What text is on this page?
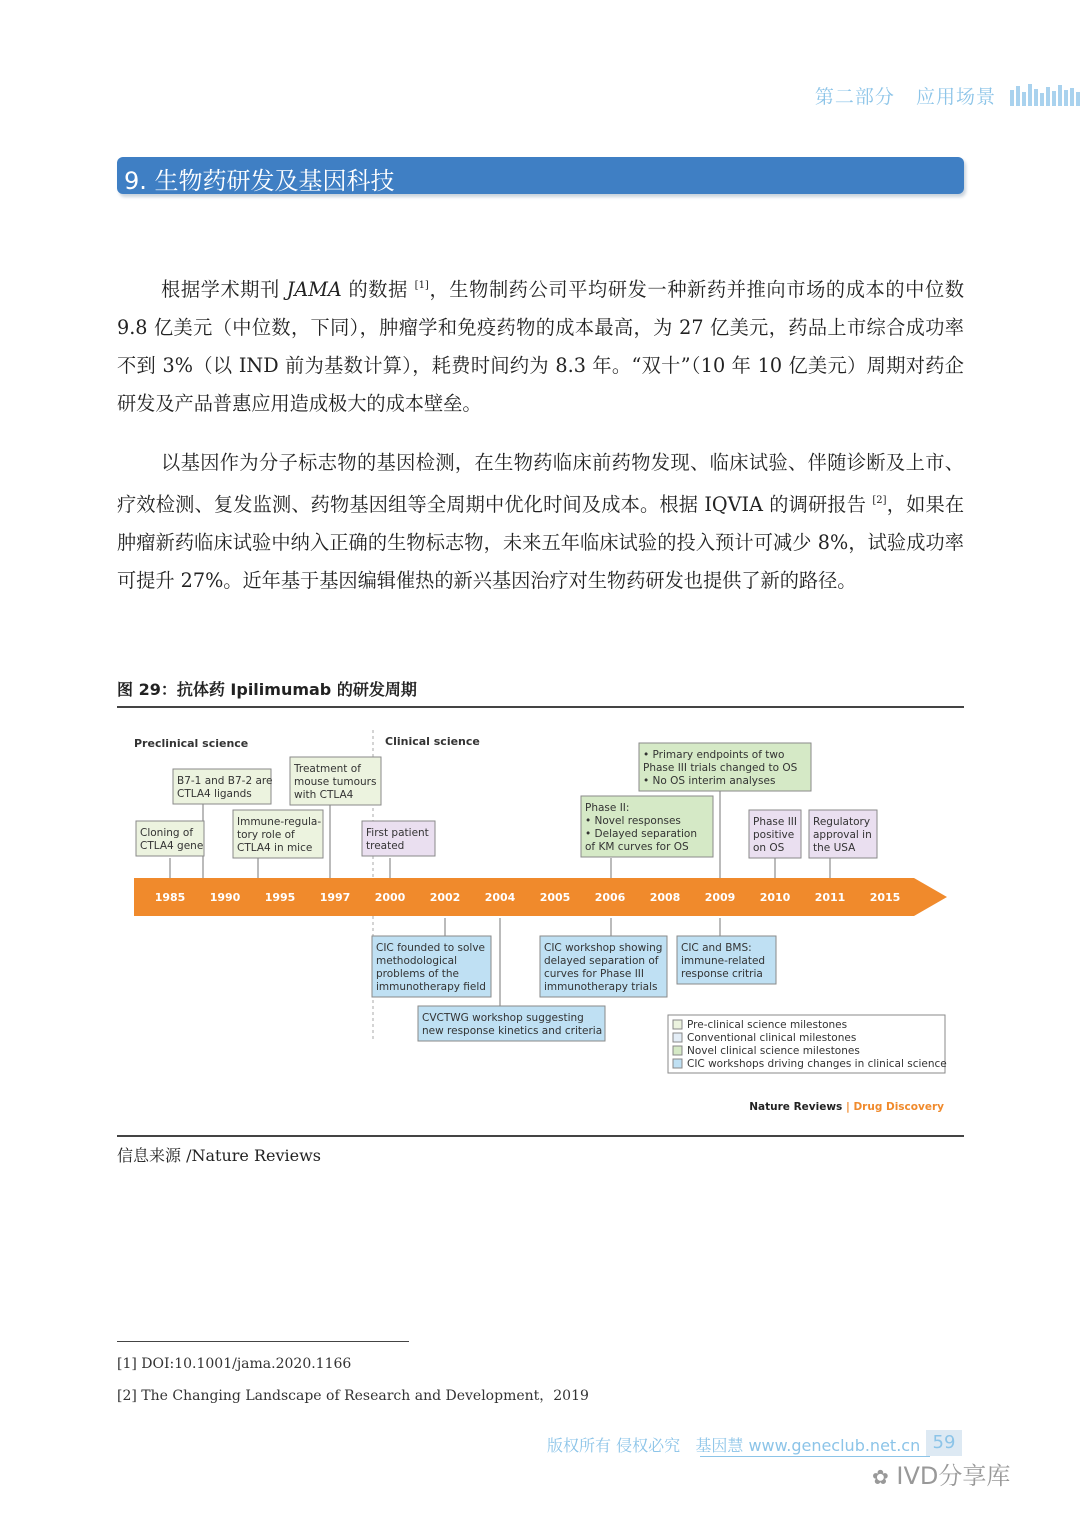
第二部分 应用场景
9. 生物药研发及基因科技

根据学术期刊 JAMA 的数据 [1]，生物制药公司平均研发一种新药并推向市场的成本的中位数 9.8 亿美元（中位数，下同），肿瘤学和免疫药物的成本最高，为 27 亿美元，药品上市综合成功率不到 3%（以 IND 前为基数计算），耗费时间约为 8.3 年。“双十”（10 年 10 亿美元）周期对药企研发及产品普惠应用造成极大的成本壁垒。

以基因作为分子标志物的基因检测，在生物药临床前药物发现、临床试验、伴随诊断及上市、疗效检测、复发监测、药物基因组等全周期中优化时间及成本。根据 IQVIA 的调研报告 [2]，如果在肿瘤新药临床试验中纳入正确的生物标志物，未来五年临床试验的投入预计可减少 8%，试验成功率可提升 27%。近年基于基因编辑催热的新兴基因治疗对生物药研发也提供了新的路径。

图 29：抗体药 Ipilimumab 的研发周期
Preclinical science	Clinical science
1985 1990 1995 1997 2000 2002 2004 2005 2006 2008 2009 2010 2011 2015
Cloning of
CTLA4 gene
B7-1 and B7-2 are
CTLA4 ligands
Immune-regula-
tory role of
CTLA4 in mice
Treatment of
mouse tumours
with CTLA4
First patient
treated
Phase II:
• Novel responses
• Delayed separation
of KM curves for OS
• Primary endpoints of two
Phase III trials changed to OS
• No OS interim analyses
Phase III
positive
on OS
Regulatory
approval in
the USA
CIC founded to solve
methodological
problems of the
immunotherapy field
CVCTWG workshop suggesting
new response kinetics and criteria
CIC workshop showing
delayed separation of
curves for Phase III
immunotherapy trials
CIC and BMS:
immune-related
response critria
Pre-clinical science milestones
Conventional clinical milestones
Novel clinical science milestones
CIC workshops driving changes in clinical science
Nature Reviews | Drug Discovery
信息来源 /Nature Reviews
[1] DOI:10.1001/jama.2020.1166
[2] The Changing Landscape of Research and Development，2019
版权所有 侵权必究 基因慧 www.geneclub.net.cn 59
✿ IVD分享库
